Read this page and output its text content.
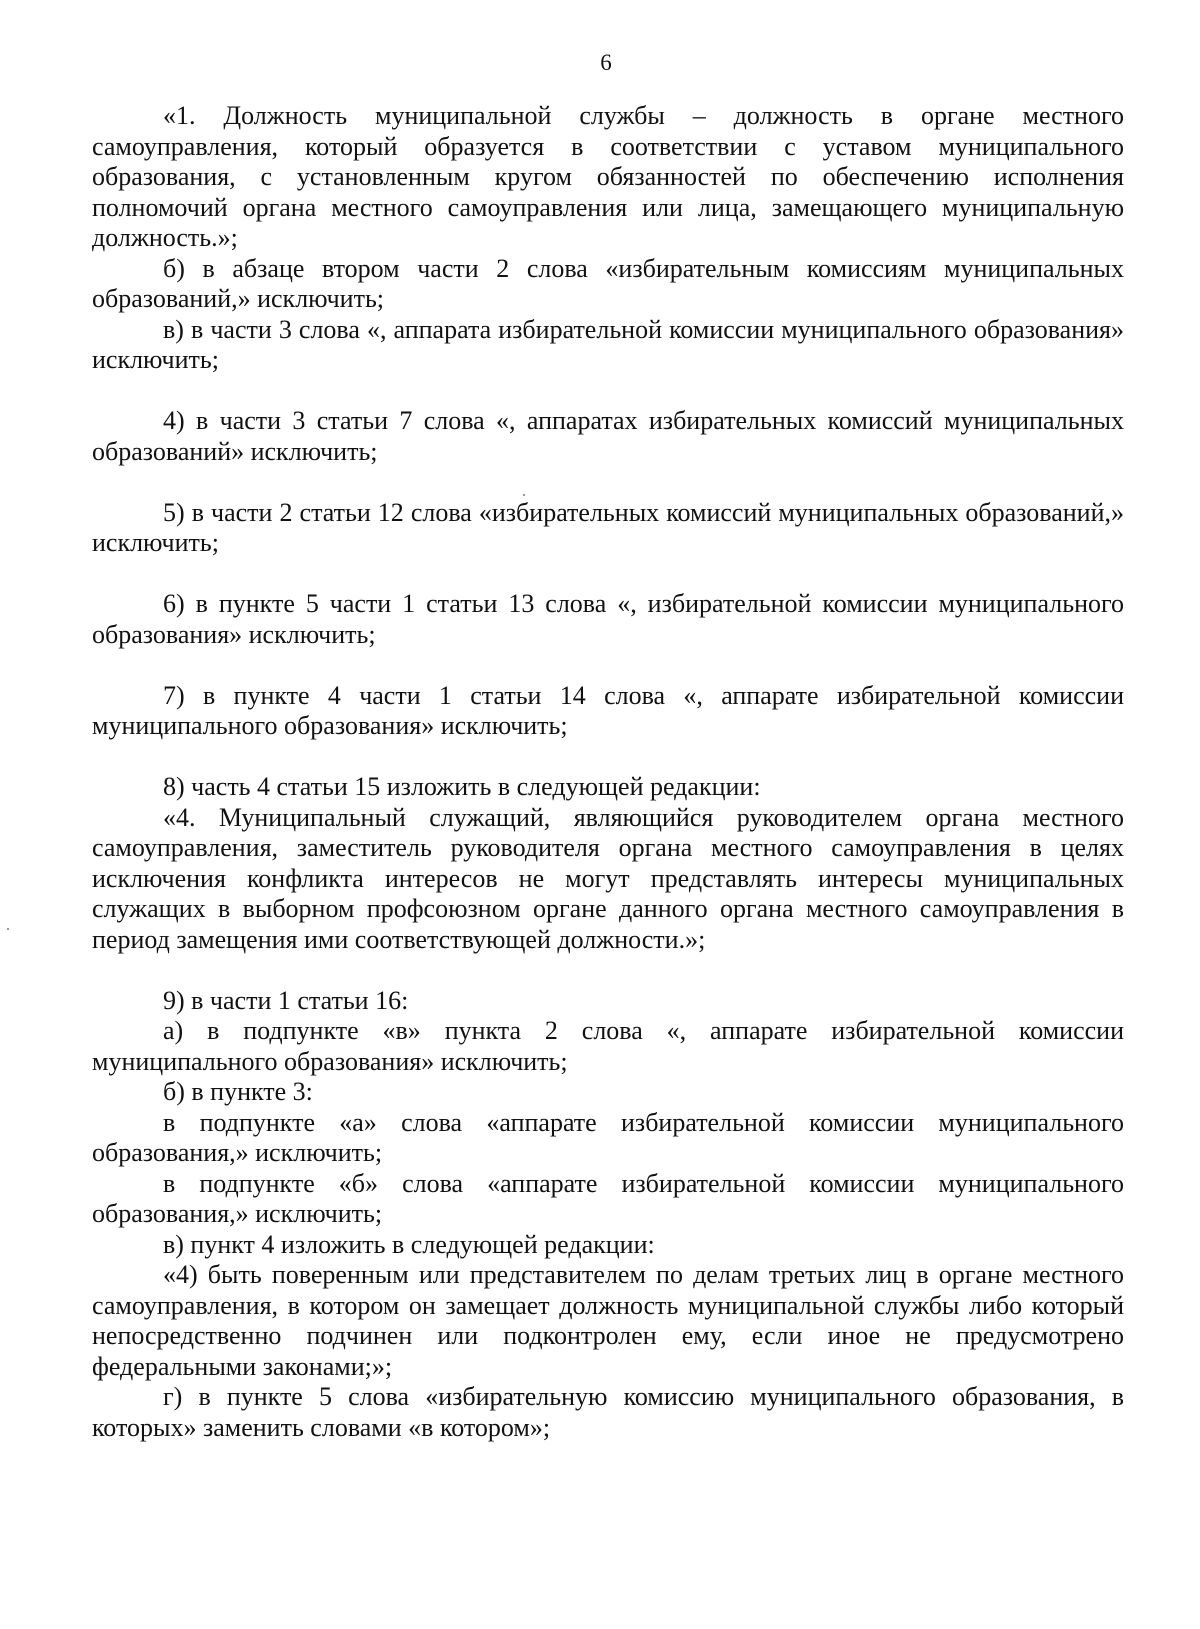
6

«1. Должность муниципальной службы – должность в органе местного самоуправления, который образуется в соответствии с уставом муниципального образования, с установленным кругом обязанностей по обеспечению исполнения полномочий органа местного самоуправления или лица, замещающего муниципальную должность.»;

б) в абзаце втором части 2 слова «избирательным комиссиям муниципальных образований,» исключить;

в) в части 3 слова «, аппарата избирательной комиссии муниципального образования» исключить;

4) в части 3 статьи 7 слова «, аппаратах избирательных комиссий муниципальных образований» исключить;

5) в части 2 статьи 12 слова «избирательных комиссий муниципальных образований,» исключить;

6) в пункте 5 части 1 статьи 13 слова «, избирательной комиссии муниципального образования» исключить;

7) в пункте 4 части 1 статьи 14 слова «, аппарате избирательной комиссии муниципального образования» исключить;

8) часть 4 статьи 15 изложить в следующей редакции:

«4. Муниципальный служащий, являющийся руководителем органа местного самоуправления, заместитель руководителя органа местного самоуправления в целях исключения конфликта интересов не могут представлять интересы муниципальных служащих в выборном профсоюзном органе данного органа местного самоуправления в период замещения ими соответствующей должности.»;

9) в части 1 статьи 16:

а) в подпункте «в» пункта 2 слова «, аппарате избирательной комиссии муниципального образования» исключить;

б) в пункте 3:

в подпункте «а» слова «аппарате избирательной комиссии муниципального образования,» исключить;

в подпункте «б» слова «аппарате избирательной комиссии муниципального образования,» исключить;

в) пункт 4 изложить в следующей редакции:

«4) быть поверенным или представителем по делам третьих лиц в органе местного самоуправления, в котором он замещает должность муниципальной службы либо который непосредственно подчинен или подконтролен ему, если иное не предусмотрено федеральными законами;»;

г) в пункте 5 слова «избирательную комиссию муниципального образования, в которых» заменить словами «в котором»;
